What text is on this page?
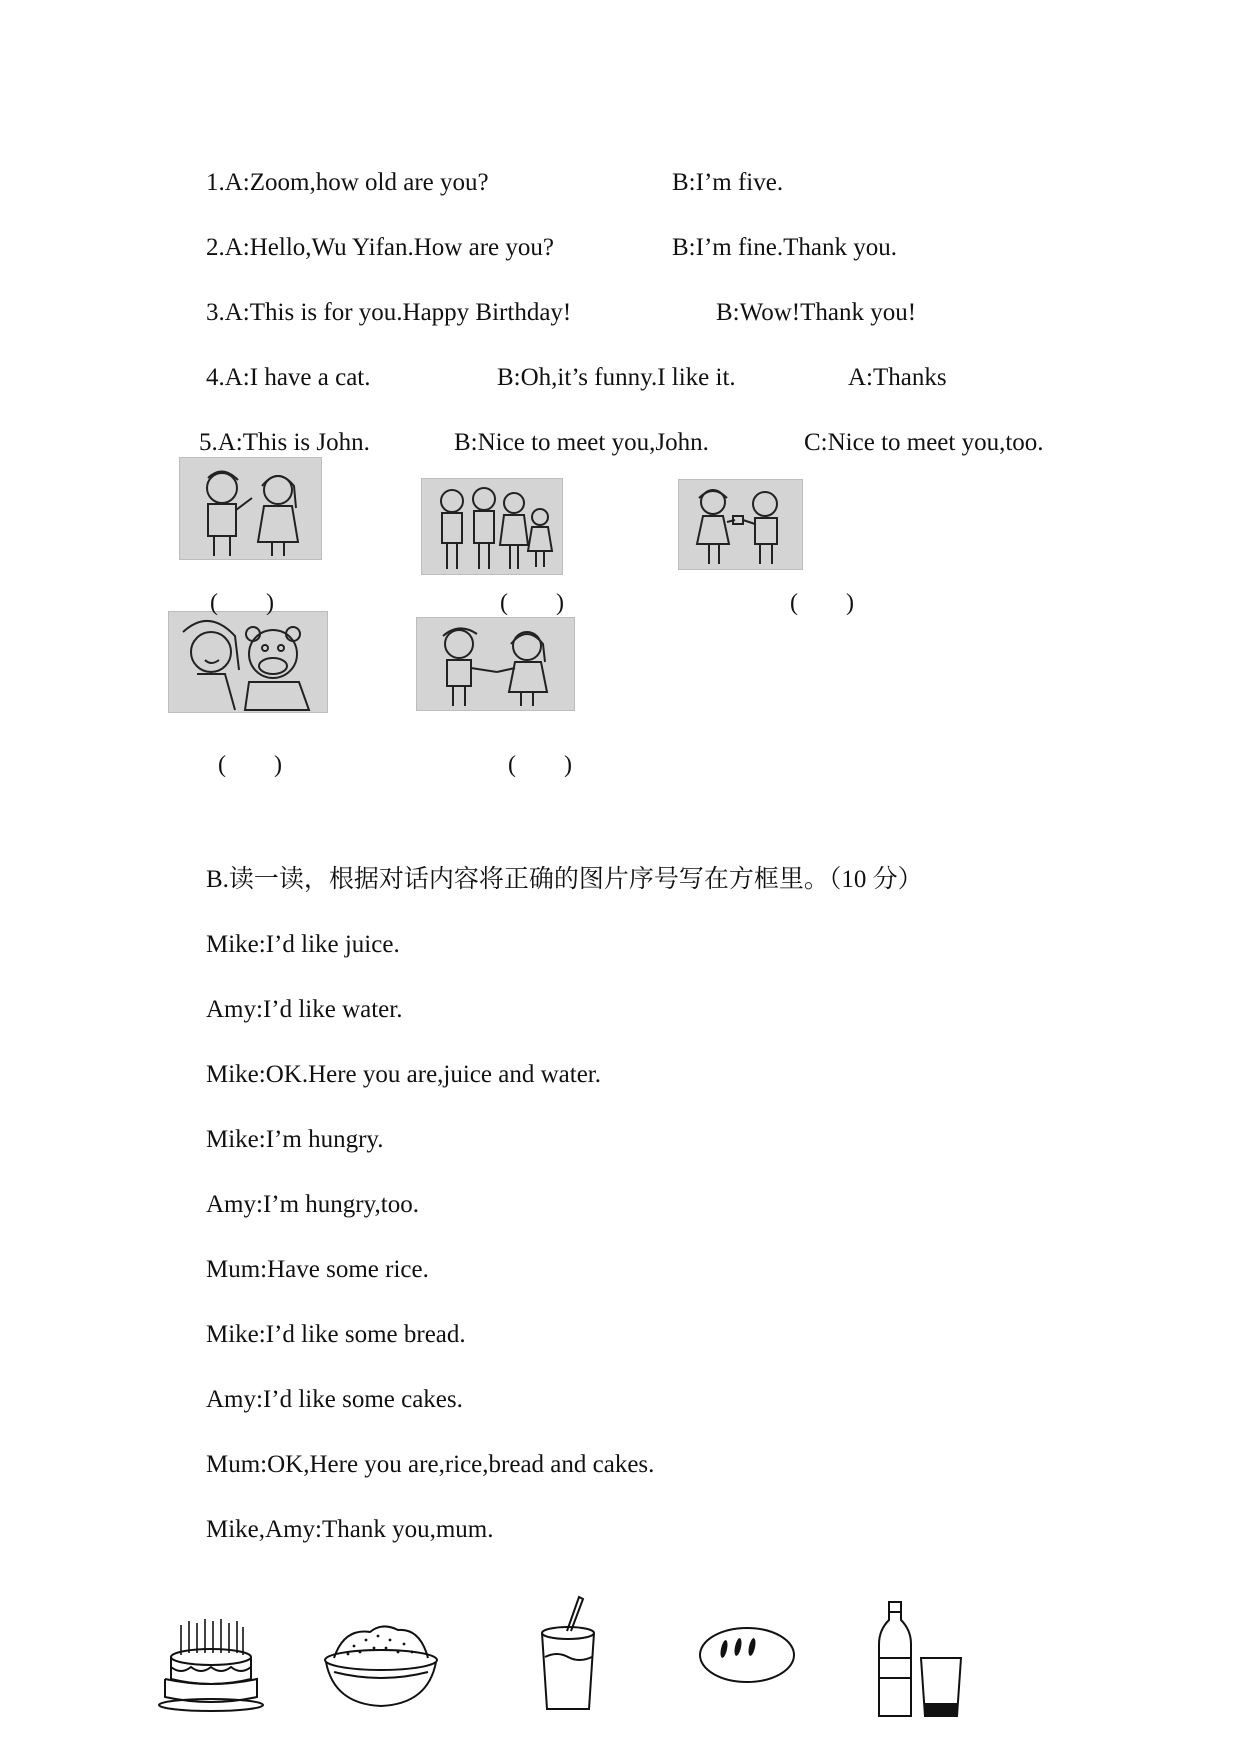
1.A:Zoom,how old are you?	B:I’m five.
2.A:Hello,Wu Yifan.How are you?	B:I’m fine.Thank you.
3.A:This is for you.Happy Birthday!	B:Wow!Thank you!
4.A:I have a cat.	B:Oh,it’s funny.I like it.	A:Thanks
5.A:This is John.	B:Nice to meet you,John.	C:Nice to meet you,too.
(　　)	(　　)	(　　)
(　　)	(　　)
B.读一读，根据对话内容将正确的图片序号写在方框里。（10 分）
Mike:I’d like juice.
Amy:I’d like water.
Mike:OK.Here you are,juice and water.
Mike:I’m hungry.
Amy:I’m hungry,too.
Mum:Have some rice.
Mike:I’d like some bread.
Amy:I’d like some cakes.
Mum:OK,Here you are,rice,bread and cakes.
Mike,Amy:Thank you,mum.
